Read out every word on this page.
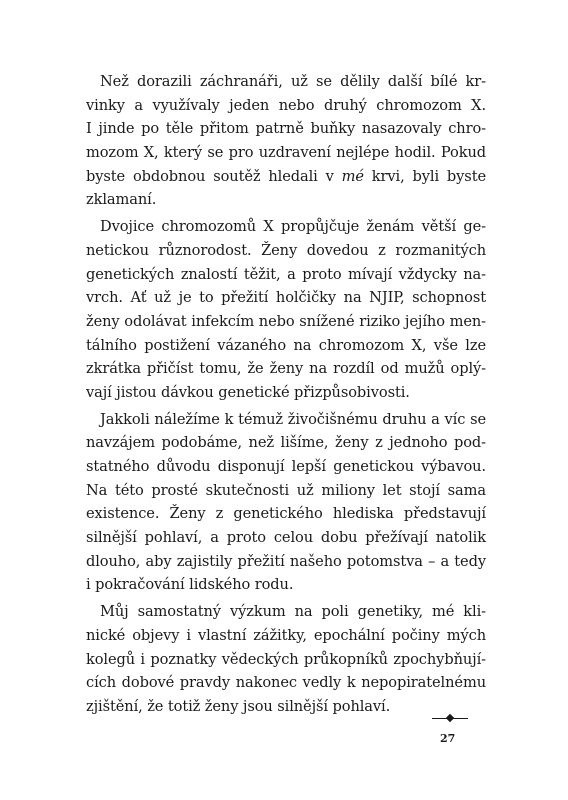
Než dorazili záchranáři, už se dělily další bílé kr-
vinky a využívaly jeden nebo druhý chromozom X.
I jinde po těle přitom patrně buňky nasazovaly chro-
mozom X, který se pro uzdravení nejlépe hodil. Pokud
byste obdobnou soutěž hledali v mé krvi, byli byste
zklamaní.
Dvojice chromozomů X propůjčuje ženám větší ge-
netickou různorodost. Ženy dovedou z rozmanitých
genetických znalostí těžit, a proto mívají vždycky na-
vrch. Ať už je to přežití holčičky na NJIP, schopnost
ženy odolávat infekcím nebo snížené riziko jejího men-
tálního postižení vázaného na chromozom X, vše lze
zkrátka přičíst tomu, že ženy na rozdíl od mužů oplý-
vají jistou dávkou genetické přizpůsobivosti.
Jakkoli náležíme k témuž živočišnému druhu a víc se
navzájem podobáme, než lišíme, ženy z jednoho pod-
statného důvodu disponují lepší genetickou výbavou.
Na této prosté skutečnosti už miliony let stojí sama
existence. Ženy z genetického hlediska představují
silnější pohlaví, a proto celou dobu přežívají natolik
dlouho, aby zajistily přežití našeho potomstva – a tedy
i pokračování lidského rodu.
Můj samostatný výzkum na poli genetiky, mé kli-
nické objevy i vlastní zážitky, epochální počiny mých
kolegů i poznatky vědeckých průkopníků zpochybňují-
cích dobové pravdy nakonec vedly k nepopiratelnému
zjištění, že totiž ženy jsou silnější pohlaví.
27
